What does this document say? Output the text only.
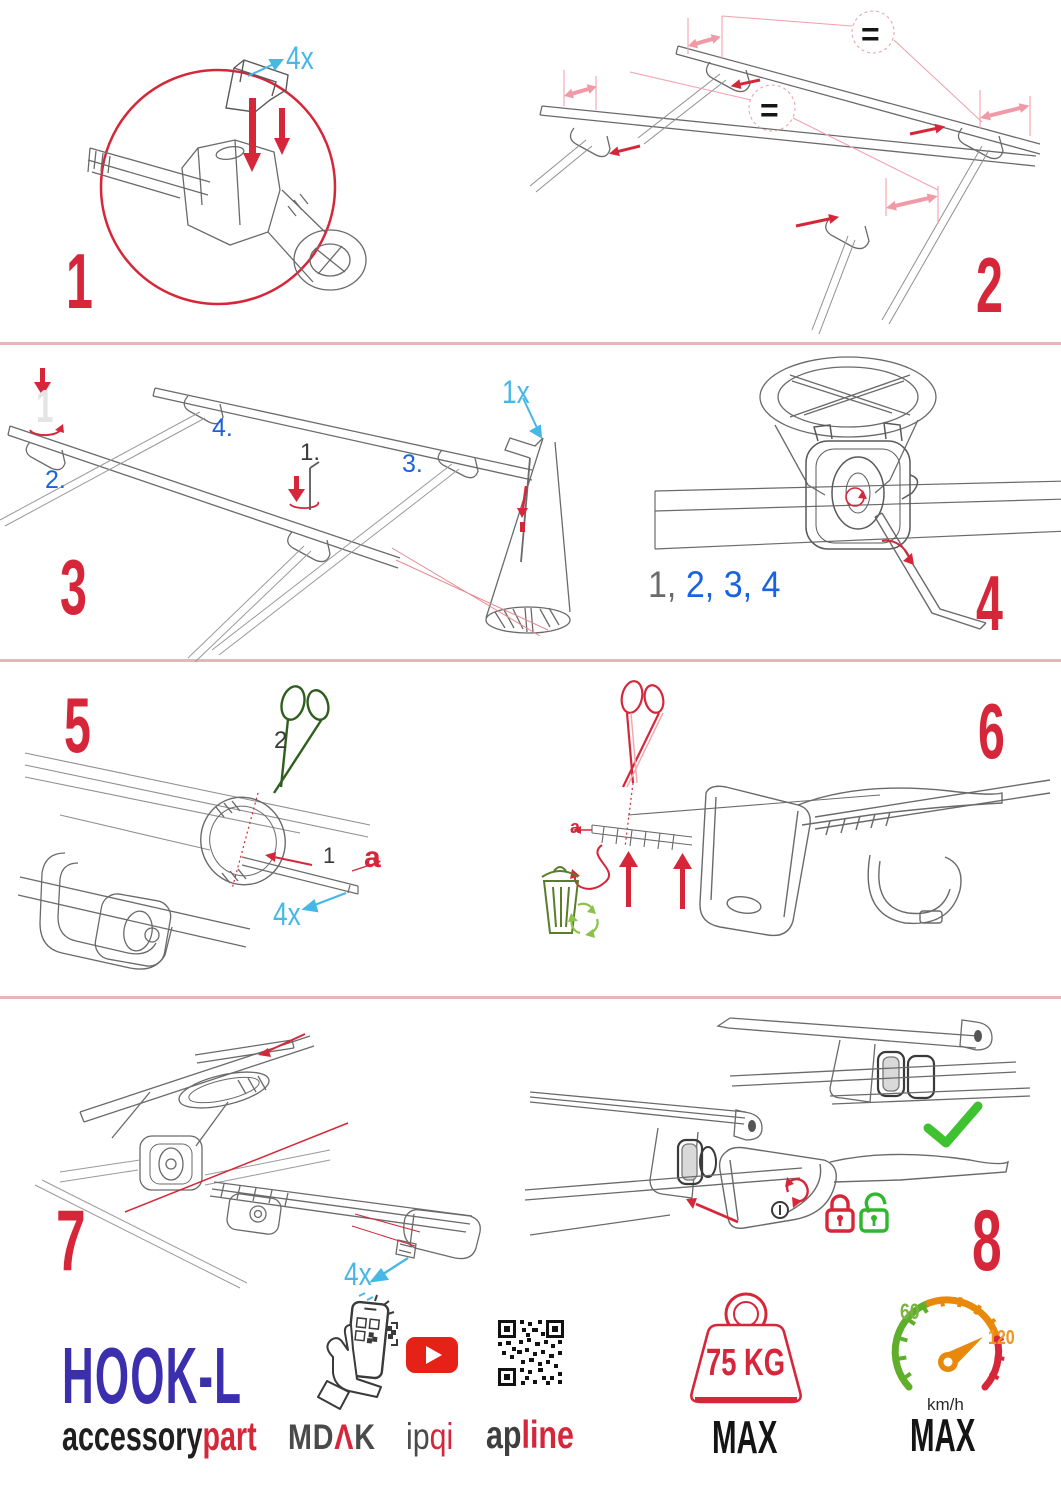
4x
1
=
=
2
1
2.
4.
1.	3.
1x
3	1, 2, 3, 4	4
2
1 a
4x
5
a
6
4x
7	8
HOOK-L
accessorypart MDΛK ipqi apline
75 KG
MAX
60
120
km/h
MAX
